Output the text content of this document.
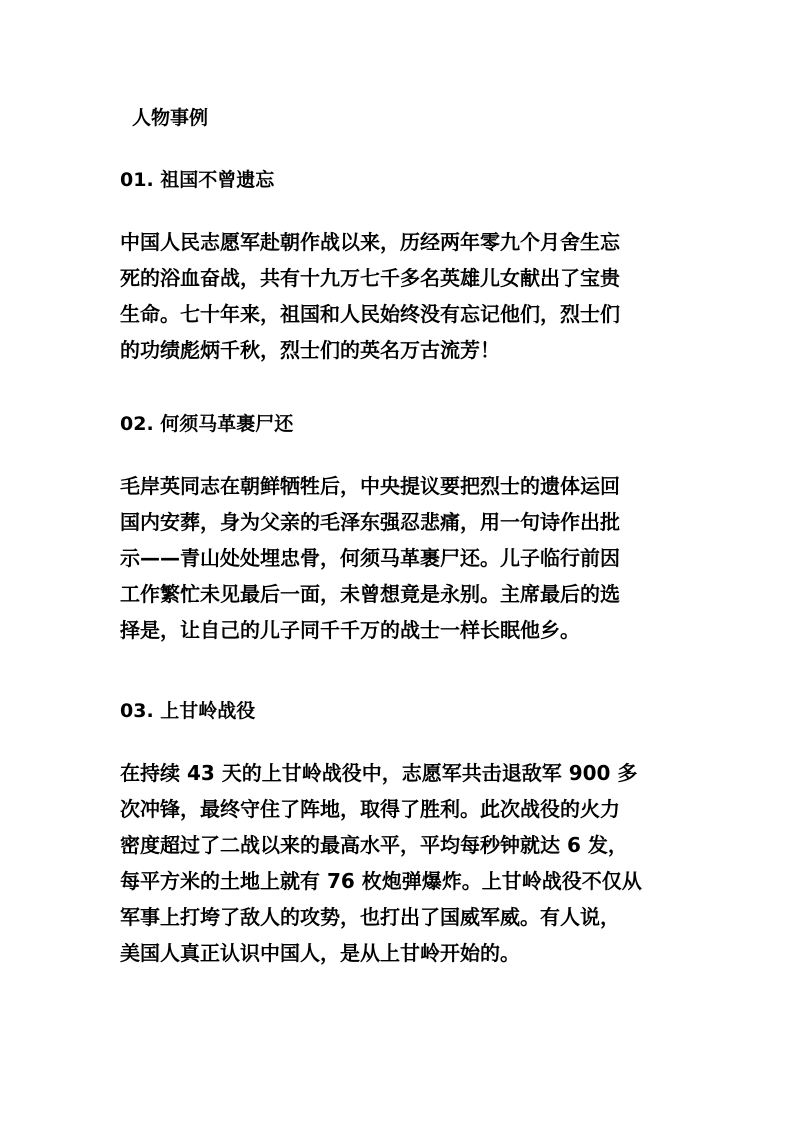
人物事例
01. 祖国不曾遗忘
中国人民志愿军赴朝作战以来，历经两年零九个月舍生忘
死的浴血奋战，共有十九万七千多名英雄儿女献出了宝贵
生命。七十年来，祖国和人民始终没有忘记他们，烈士们
的功绩彪炳千秋，烈士们的英名万古流芳！
02. 何须马革裹尸还
毛岸英同志在朝鲜牺牲后，中央提议要把烈士的遗体运回
国内安葬，身为父亲的毛泽东强忍悲痛，用一句诗作出批
示——青山处处埋忠骨，何须马革裹尸还。儿子临行前因
工作繁忙未见最后一面，未曾想竟是永别。主席最后的选
择是，让自己的儿子同千千万的战士一样长眠他乡。
03. 上甘岭战役
在持续 43 天的上甘岭战役中，志愿军共击退敌军 900 多
次冲锋，最终守住了阵地，取得了胜利。此次战役的火力
密度超过了二战以来的最高水平，平均每秒钟就达 6 发，
每平方米的土地上就有 76 枚炮弹爆炸。上甘岭战役不仅从
军事上打垮了敌人的攻势，也打出了国威军威。有人说，
美国人真正认识中国人，是从上甘岭开始的。
